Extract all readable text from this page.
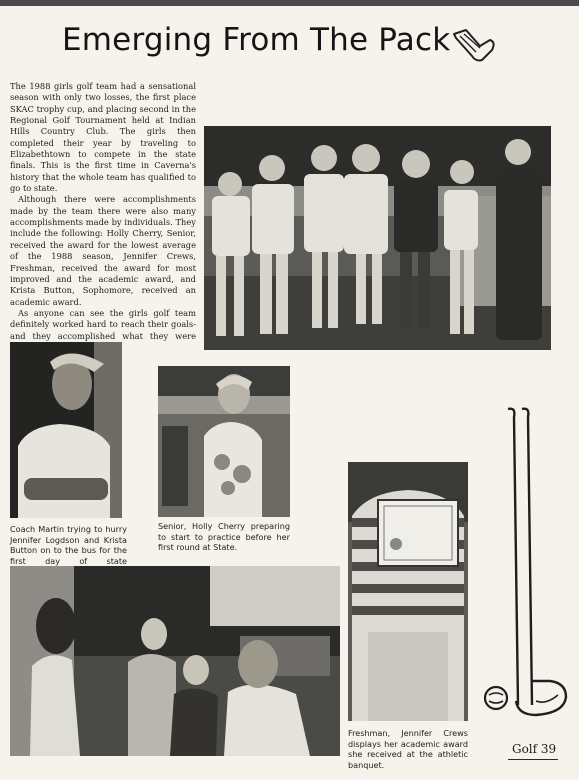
Emerging From The Pack

The 1988 girls golf team had a sensational season with only two losses, the first place SKAC trophy cup, and placing second in the Regional Golf Tournament held at Indian Hills Country Club. The girls then completed their year by traveling to Elizabethtown to compete in the state finals. This is the first time in Caverna's history that the whole team has qualified to go to state.

Although there were accomplishments made by the team there were also many accomplishments made by individuals. They include the following: Holly Cherry, Senior, received the award for the lowest average of the 1988 season, Jennifer Crews, Freshman, received the award for most improved and the academic award, and Krista Button, Sophomore, received an academic award.

As anyone can see the girls golf team definitely worked hard to reach their goals-and they accomplished what they were

Coach Martin trying to hurry Jennifer Logdson and Krista Button on to the bus for the first day of state
Senior, Holly Cherry preparing to start to practice before her first round at State.
Freshman, Jennifer Crews displays her academic award she received at the athletic banquet.
Golf 39
